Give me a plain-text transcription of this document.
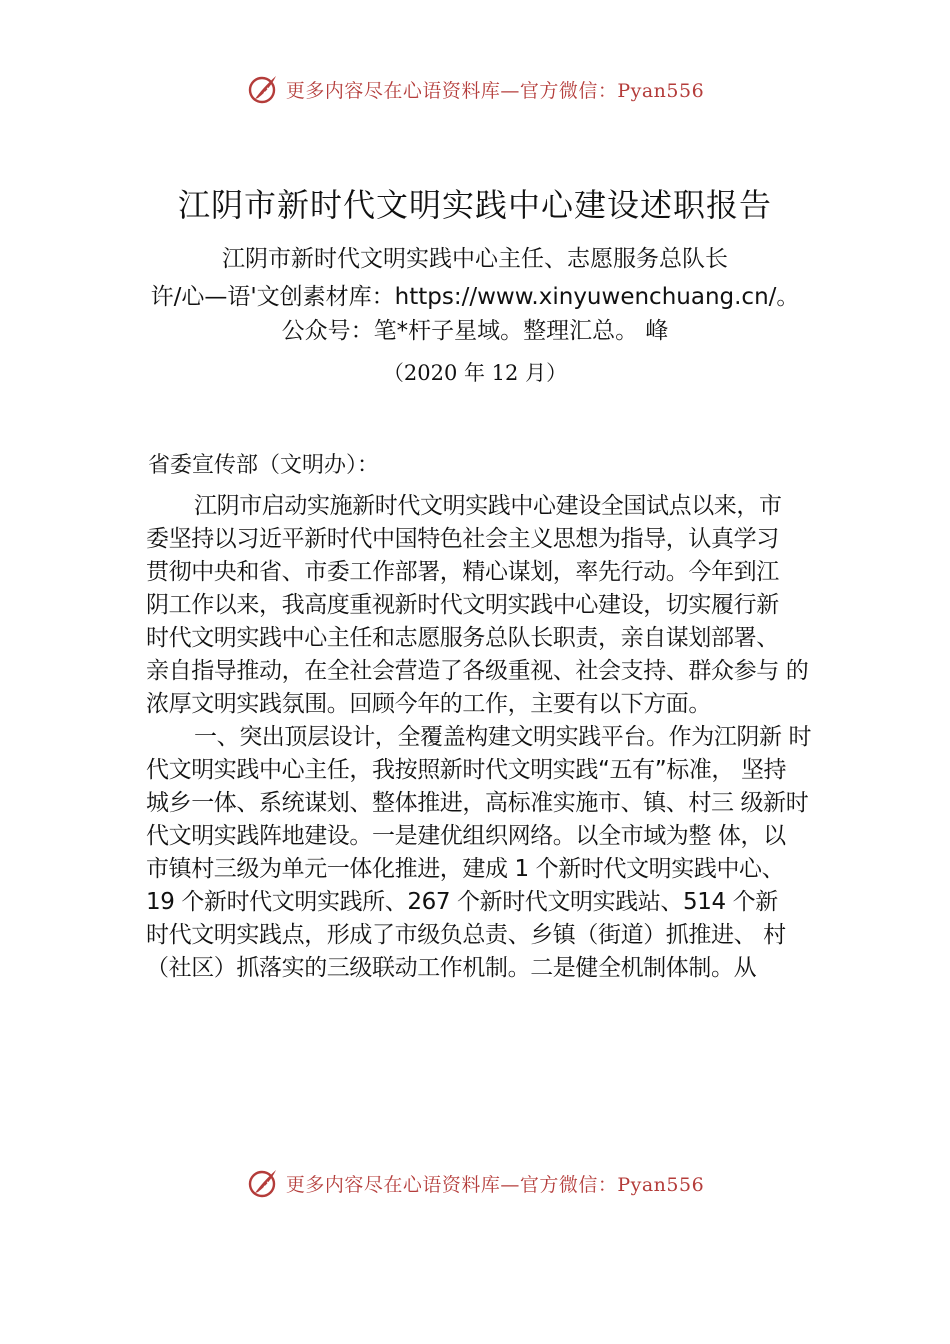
更多内容尽在心语资料库—官方微信：Pyan556
江阴市新时代文明实践中心建设述职报告
江阴市新时代文明实践中心主任、志愿服务总队长
许/心—语'文创素材库：https://www.xinyuwenchuang.cn/。
公众号：笔*杆子星域。整理汇总。 峰
（2020 年 12 月）
省委宣传部（文明办）：
江阴市启动实施新时代文明实践中心建设全国试点以来，市
委坚持以习近平新时代中国特色社会主义思想为指导，认真学习
贯彻中央和省、市委工作部署，精心谋划，率先行动。今年到江
阴工作以来，我高度重视新时代文明实践中心建设，切实履行新
时代文明实践中心主任和志愿服务总队长职责，亲自谋划部署、
亲自指导推动，在全社会营造了各级重视、社会支持、群众参与 的
浓厚文明实践氛围。回顾今年的工作，主要有以下方面。
一、突出顶层设计，全覆盖构建文明实践平台。作为江阴新 时
代文明实践中心主任，我按照新时代文明实践“五有”标准， 坚持
城乡一体、系统谋划、整体推进，高标准实施市、镇、村三 级新时
代文明实践阵地建设。一是建优组织网络。以全市域为整 体，以
市镇村三级为单元一体化推进，建成 1 个新时代文明实践中心、
19 个新时代文明实践所、267 个新时代文明实践站、514 个新
时代文明实践点，形成了市级负总责、乡镇（街道）抓推进、 村
（社区）抓落实的三级联动工作机制。二是健全机制体制。从
更多内容尽在心语资料库—官方微信：Pyan556
